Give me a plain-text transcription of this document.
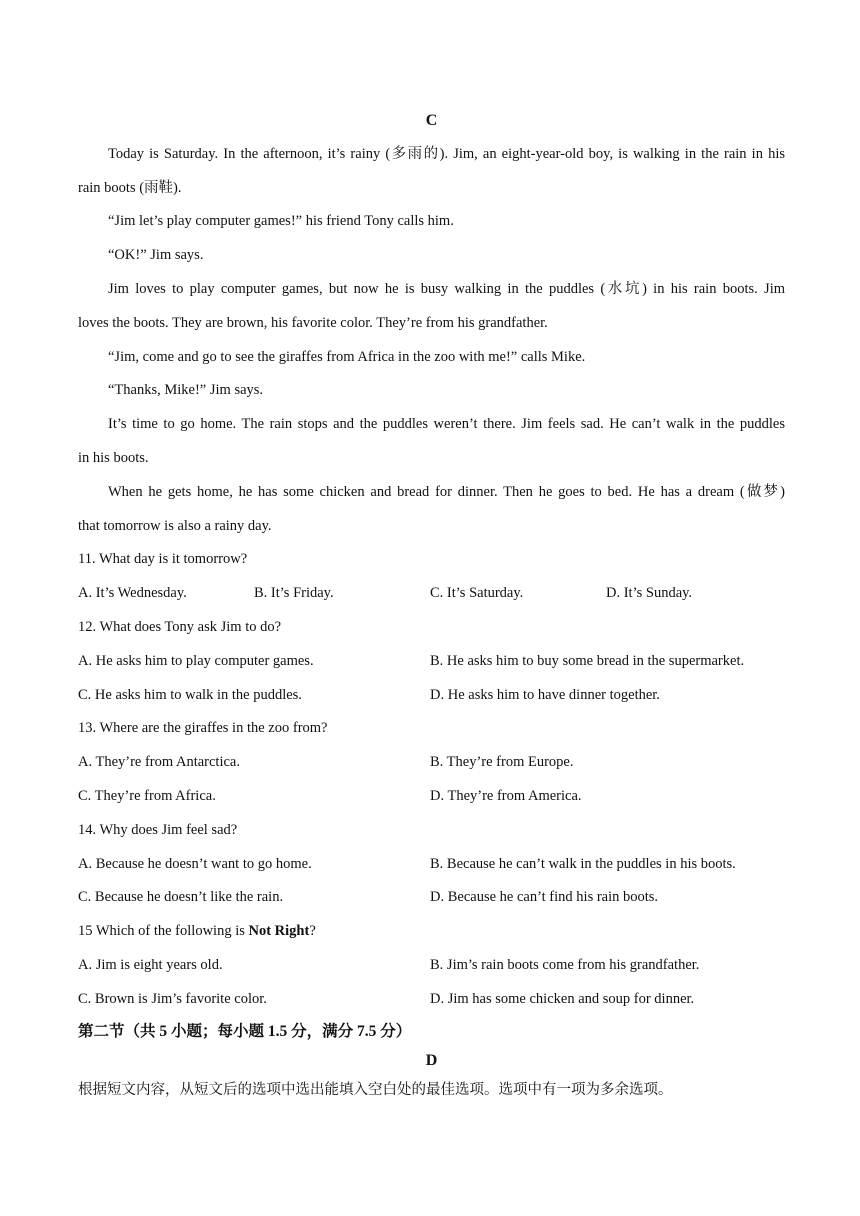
C
Today is Saturday. In the afternoon, it’s rainy (多雨的). Jim, an eight-year-old boy, is walking in the rain in his
rain boots (雨鞋).
“Jim let’s play computer games!” his friend Tony calls him.
“OK!” Jim says.
Jim loves to play computer games, but now he is busy walking in the puddles (水坑) in his rain boots. Jim
loves the boots. They are brown, his favorite color. They’re from his grandfather.
“Jim, come and go to see the giraffes from Africa in the zoo with me!” calls Mike.
“Thanks, Mike!” Jim says.
It’s time to go home. The rain stops and the puddles weren’t there. Jim feels sad. He can’t walk in the puddles
in his boots.
When he gets home, he has some chicken and bread for dinner. Then he goes to bed. He has a dream (做梦)
that tomorrow is also a rainy day.
11. What day is it tomorrow?
A. It’s Wednesday.	B. It’s Friday.	C. It’s Saturday.	D. It’s Sunday.
12. What does Tony ask Jim to do?
A. He asks him to play computer games.	B. He asks him to buy some bread in the supermarket.
C. He asks him to walk in the puddles.	D. He asks him to have dinner together.
13. Where are the giraffes in the zoo from?
A. They’re from Antarctica.	B. They’re from Europe.
C. They’re from Africa.	D. They’re from America.
14. Why does Jim feel sad?
A. Because he doesn’t want to go home.	B. Because he can’t walk in the puddles in his boots.
C. Because he doesn’t like the rain.	D. Because he can’t find his rain boots.
15 Which of the following is Not Right?
A. Jim is eight years old.	B. Jim’s rain boots come from his grandfather.
C. Brown is Jim’s favorite color.	D. Jim has some chicken and soup for dinner.
第二节（共 5 小题；每小题 1.5 分，满分 7.5 分）
D
根据短文内容，从短文后的选项中选出能填入空白处的最佳选项。选项中有一项为多余选项。
